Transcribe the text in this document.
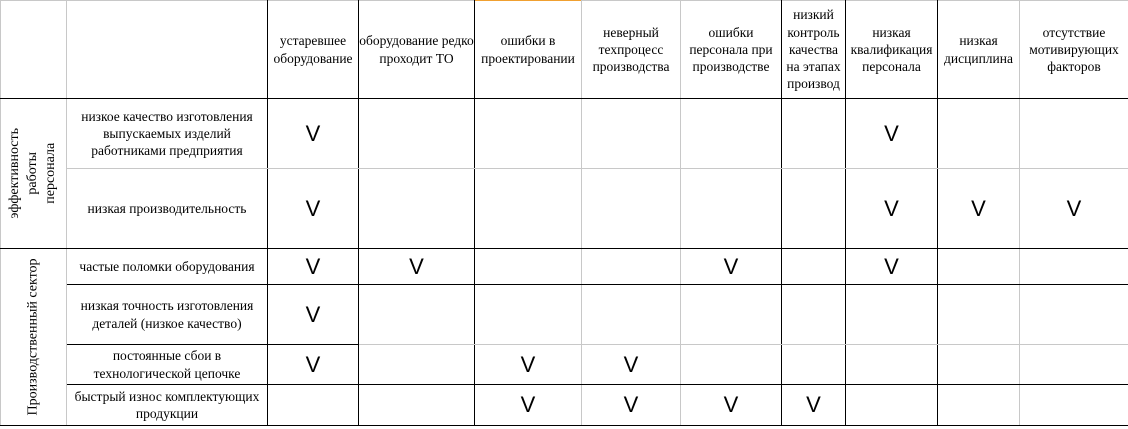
		устаревшее оборудование	оборудование редко проходит ТО	ошибки в проектировании	неверный техпроцесс производства	ошибки персонала при производстве	низкий контроль качества на этапах производ	низкая квалификация персонала	низкая дисциплина	отсутствие мотивирующих факторов

эффективность работы персонала	низкое качество изготовления выпускаемых изделий работниками предприятия	V						V		
	низкая производительность	V						V	V	V

Производственный сектор	частые поломки оборудования	V	V			V		V		
	низкая точность изготовления деталей (низкое качество)	V								
	постоянные сбои в технологической цепочке	V		V	V					
	быстрый износ комплектующих продукции			V	V	V	V			
